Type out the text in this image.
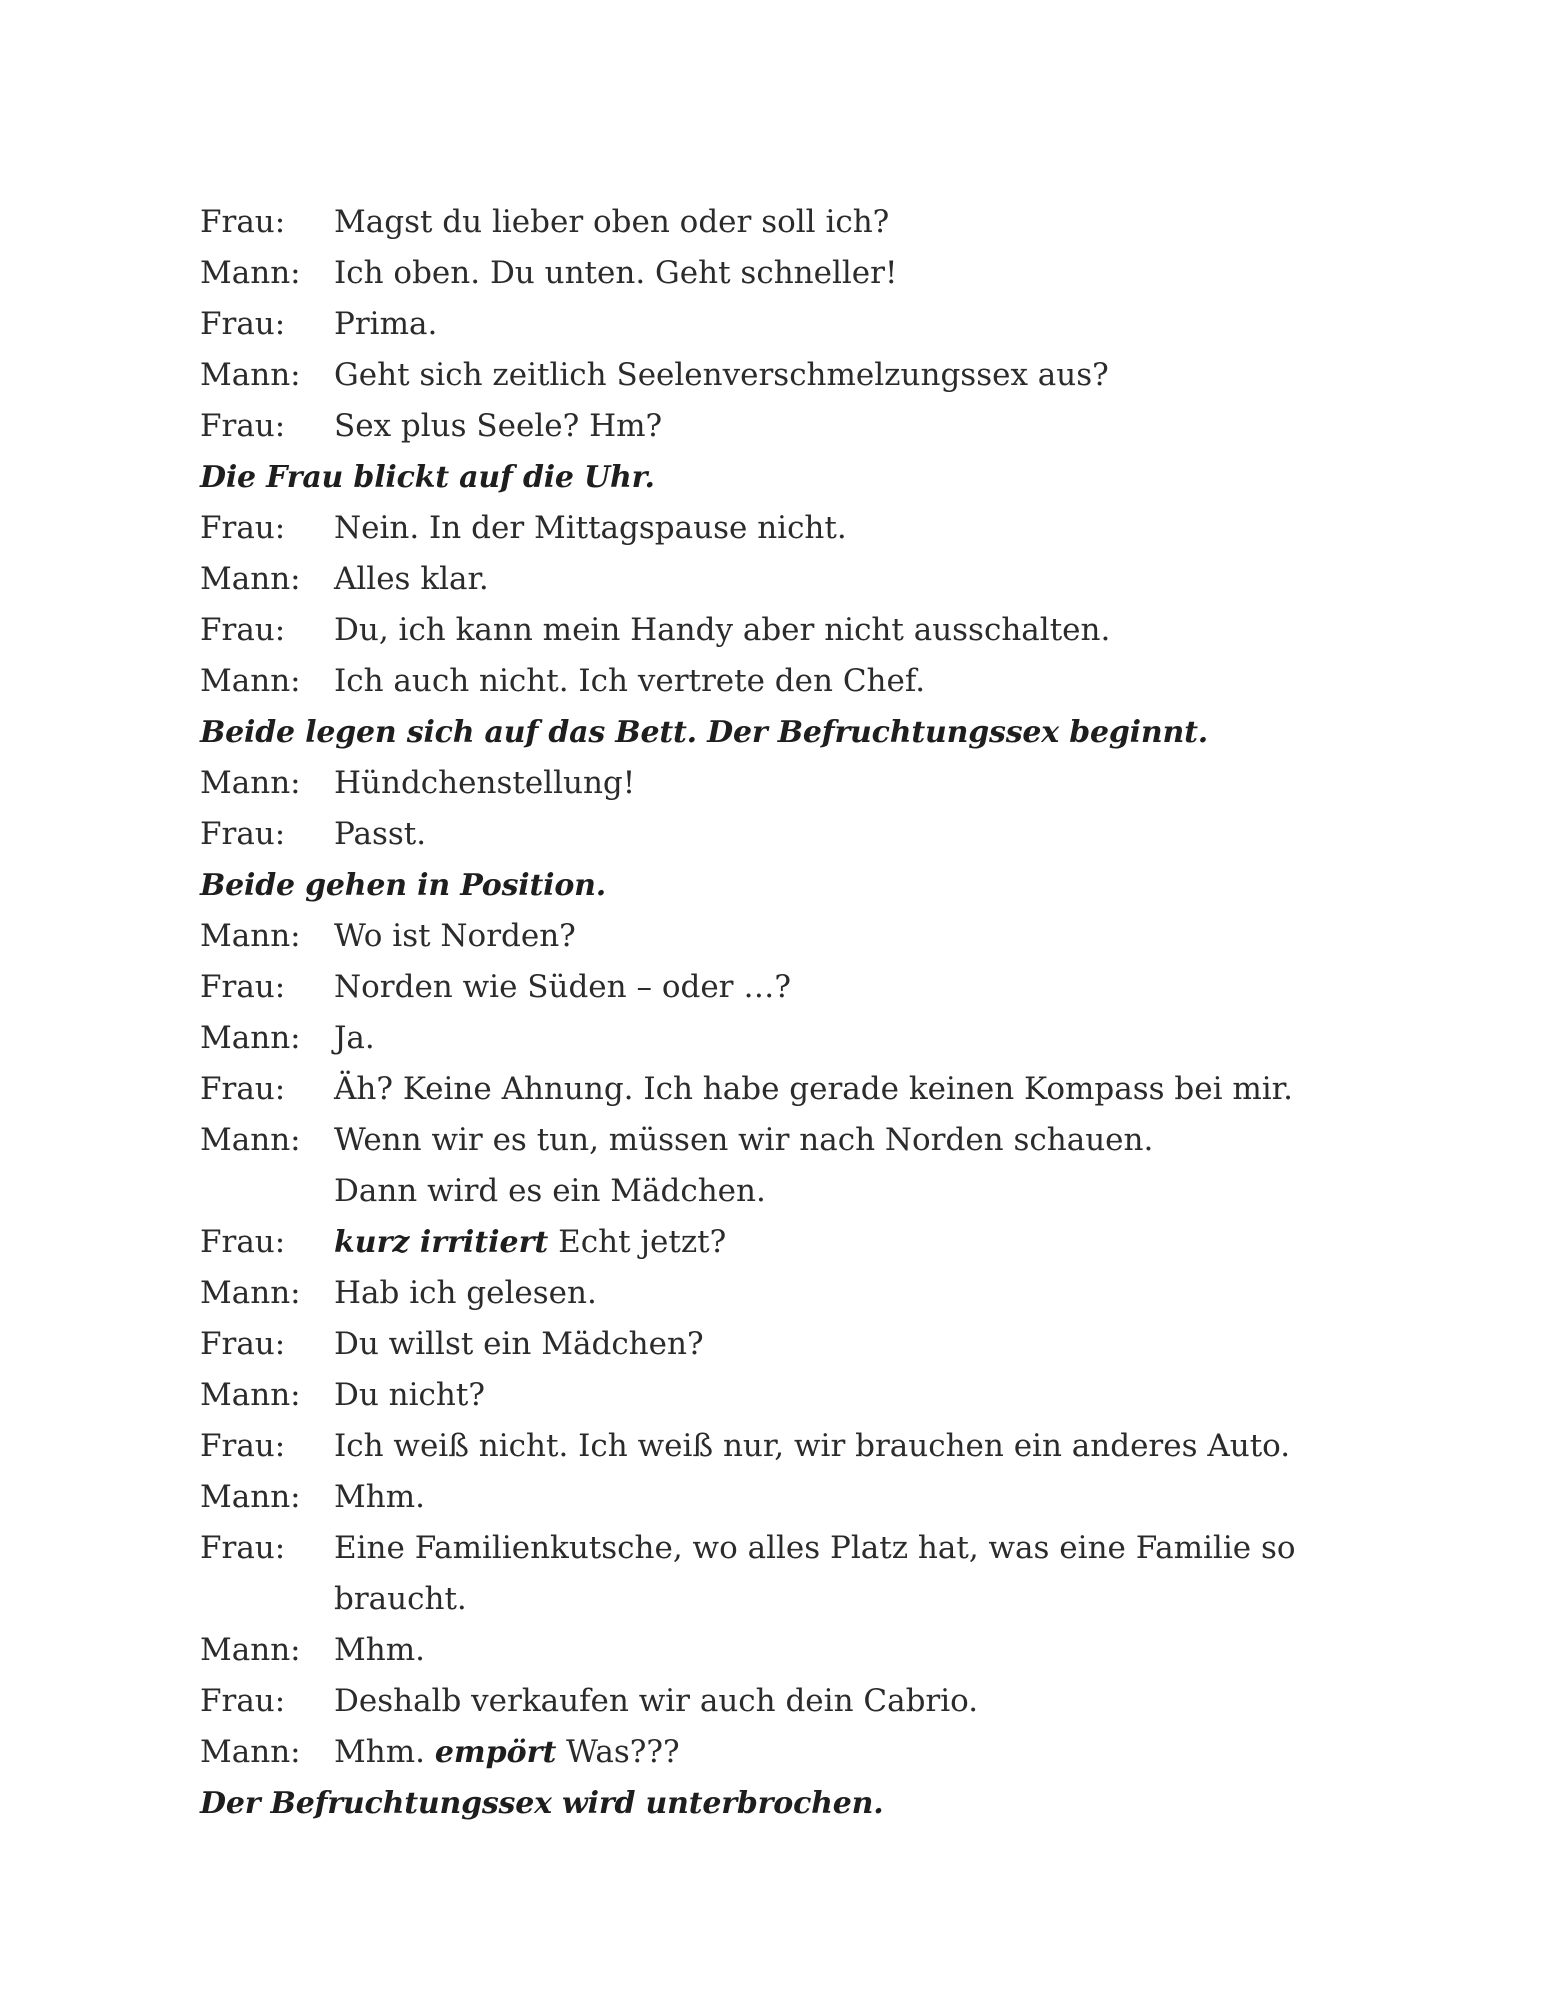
Frau:	Magst du lieber oben oder soll ich?
Mann:	Ich oben. Du unten. Geht schneller!
Frau:	Prima.
Mann:	Geht sich zeitlich Seelenverschmelzungssex aus?
Frau:	Sex plus Seele? Hm?
Die Frau blickt auf die Uhr.
Frau:	Nein. In der Mittagspause nicht.
Mann:	Alles klar.
Frau:	Du, ich kann mein Handy aber nicht ausschalten.
Mann:	Ich auch nicht. Ich vertrete den Chef.
Beide legen sich auf das Bett. Der Befruchtungssex beginnt.
Mann:	Hündchenstellung!
Frau:	Passt.
Beide gehen in Position.
Mann:	Wo ist Norden?
Frau:	Norden wie Süden – oder …?
Mann:	Ja.
Frau:	Äh? Keine Ahnung. Ich habe gerade keinen Kompass bei mir.
Mann:	Wenn wir es tun, müssen wir nach Norden schauen.
Dann wird es ein Mädchen.
Frau:	kurz irritiert Echt jetzt?
Mann:	Hab ich gelesen.
Frau:	Du willst ein Mädchen?
Mann:	Du nicht?
Frau:	Ich weiß nicht. Ich weiß nur, wir brauchen ein anderes Auto.
Mann:	Mhm.
Frau:	Eine Familienkutsche, wo alles Platz hat, was eine Familie so
braucht.
Mann:	Mhm.
Frau:	Deshalb verkaufen wir auch dein Cabrio.
Mann:	Mhm. empört Was???
Der Befruchtungssex wird unterbrochen.
